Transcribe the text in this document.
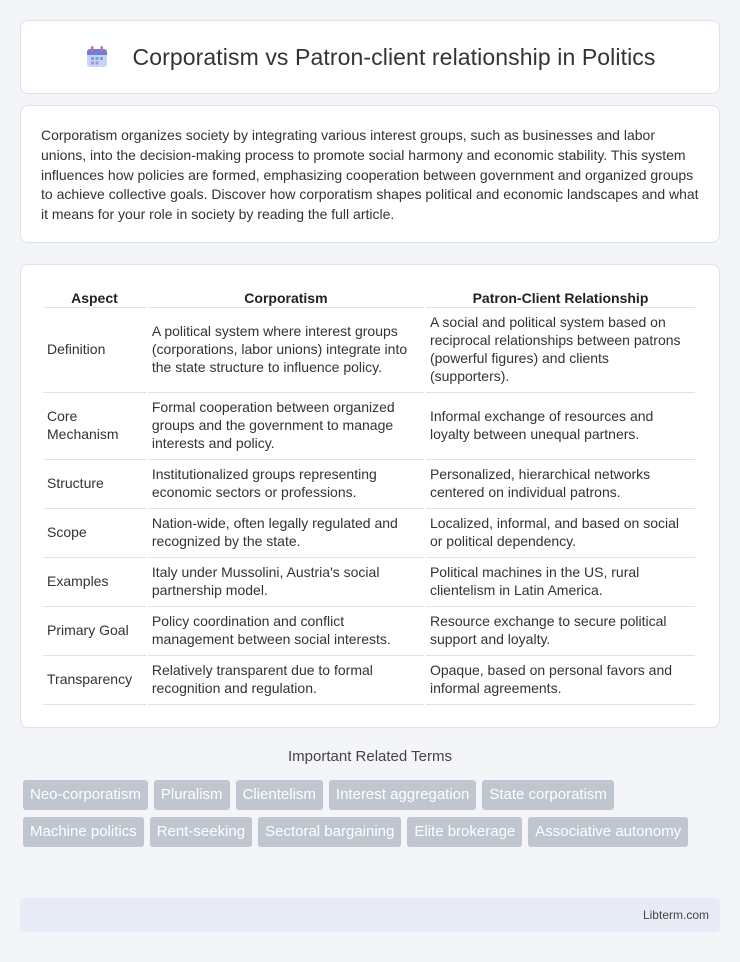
Corporatism vs Patron-client relationship in Politics

Corporatism organizes society by integrating various interest groups, such as businesses and labor unions, into the decision-making process to promote social harmony and economic stability. This system influences how policies are formed, emphasizing cooperation between government and organized groups to achieve collective goals. Discover how corporatism shapes political and economic landscapes and what it means for your role in society by reading the full article.

Aspect	Corporatism	Patron-Client Relationship
Definition	A political system where interest groups (corporations, labor unions) integrate into the state structure to influence policy.	A social and political system based on reciprocal relationships between patrons (powerful figures) and clients (supporters).
Core Mechanism	Formal cooperation between organized groups and the government to manage interests and policy.	Informal exchange of resources and loyalty between unequal partners.
Structure	Institutionalized groups representing economic sectors or professions.	Personalized, hierarchical networks centered on individual patrons.
Scope	Nation-wide, often legally regulated and recognized by the state.	Localized, informal, and based on social or political dependency.
Examples	Italy under Mussolini, Austria's social partnership model.	Political machines in the US, rural clientelism in Latin America.
Primary Goal	Policy coordination and conflict management between social interests.	Resource exchange to secure political support and loyalty.
Transparency	Relatively transparent due to formal recognition and regulation.	Opaque, based on personal favors and informal agreements.
Important Related Terms
Neo-corporatism	Pluralism	Clientelism	Interest aggregation	State corporatism
Machine politics	Rent-seeking	Sectoral bargaining	Elite brokerage	Associative autonomy
Libterm.com
